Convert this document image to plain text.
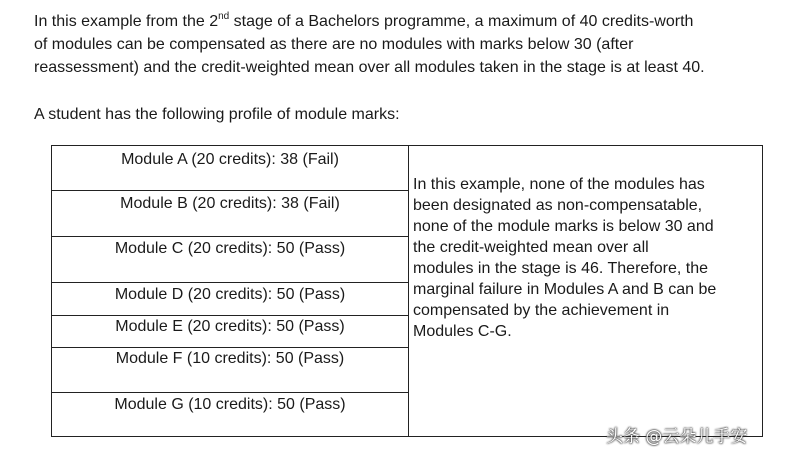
In this example from the 2nd stage of a Bachelors programme, a maximum of 40 credits-worth
of modules can be compensated as there are no modules with marks below 30 (after
reassessment) and the credit-weighted mean over all modules taken in the stage is at least 40.
A student has the following profile of module marks:
Module A (20 credits): 38 (Fail)
Module B (20 credits): 38 (Fail)
Module C (20 credits): 50 (Pass)
Module D (20 credits): 50 (Pass)
Module E (20 credits): 50 (Pass)
Module F (10 credits): 50 (Pass)
Module G (10 credits): 50 (Pass)
In this example, none of the modules has
been designated as non-compensatable,
none of the module marks is below 30 and
the credit-weighted mean over all
modules in the stage is 46. Therefore, the
marginal failure in Modules A and B can be
compensated by the achievement in
Modules C-G.
头条 @云朵儿手安
